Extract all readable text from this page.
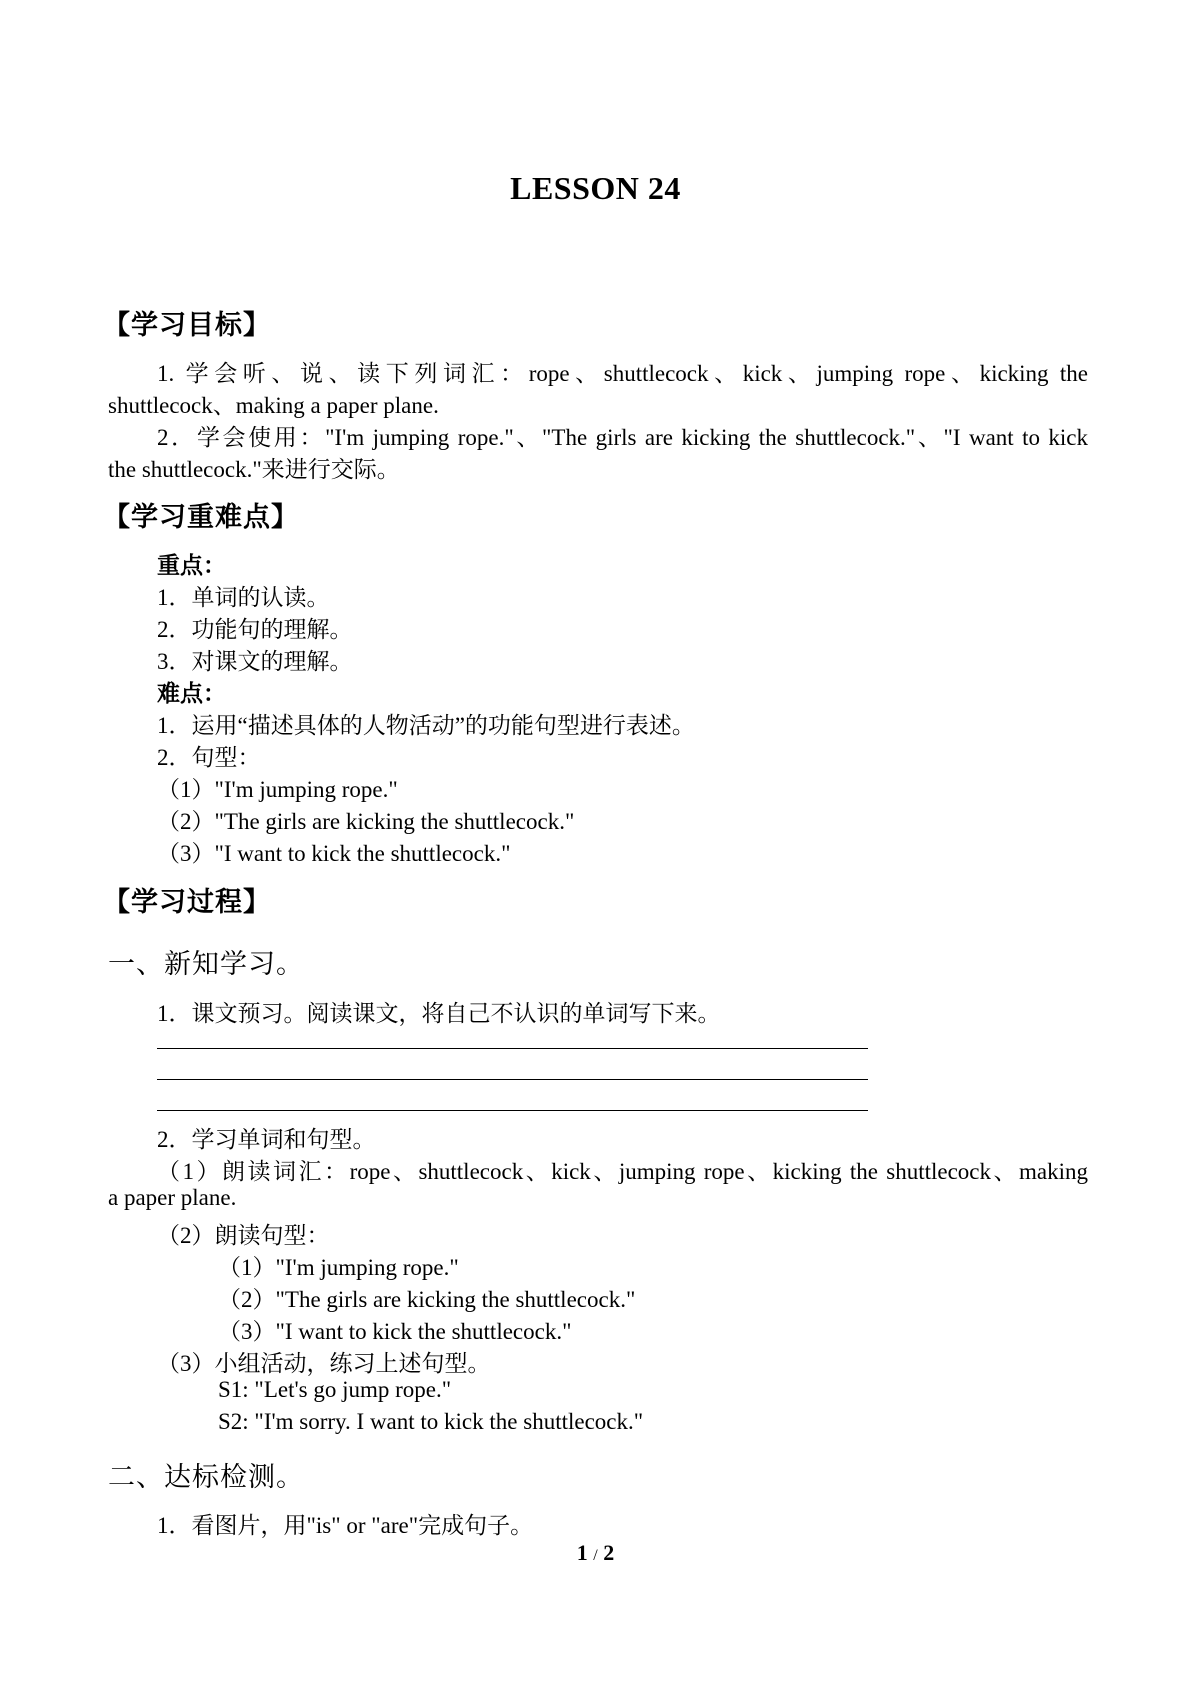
LESSON 24
【学习目标】
1. 学会听、说、读下列词汇：rope、shuttlecock、kick、jumping rope、kicking the
shuttlecock、making a paper plane.
2．学会使用："I'm jumping rope."、"The girls are kicking the shuttlecock."、"I want to kick
the shuttlecock."来进行交际。
【学习重难点】
重点：
1．单词的认读。
2．功能句的理解。
3．对课文的理解。
难点：
1．运用“描述具体的人物活动”的功能句型进行表述。
2．句型：
（1）"I'm jumping rope."
（2）"The girls are kicking the shuttlecock."
（3）"I want to kick the shuttlecock."
【学习过程】
一、新知学习。
1．课文预习。阅读课文，将自己不认识的单词写下来。
2．学习单词和句型。
（1）朗读词汇：rope、shuttlecock、kick、jumping rope、kicking the shuttlecock、making
a paper plane.
（2）朗读句型：
（1）"I'm jumping rope."
（2）"The girls are kicking the shuttlecock."
（3）"I want to kick the shuttlecock."
（3）小组活动，练习上述句型。
S1: "Let's go jump rope."
S2: "I'm sorry. I want to kick the shuttlecock."
二、达标检测。
1．看图片，用"is" or "are"完成句子。
1 / 2
